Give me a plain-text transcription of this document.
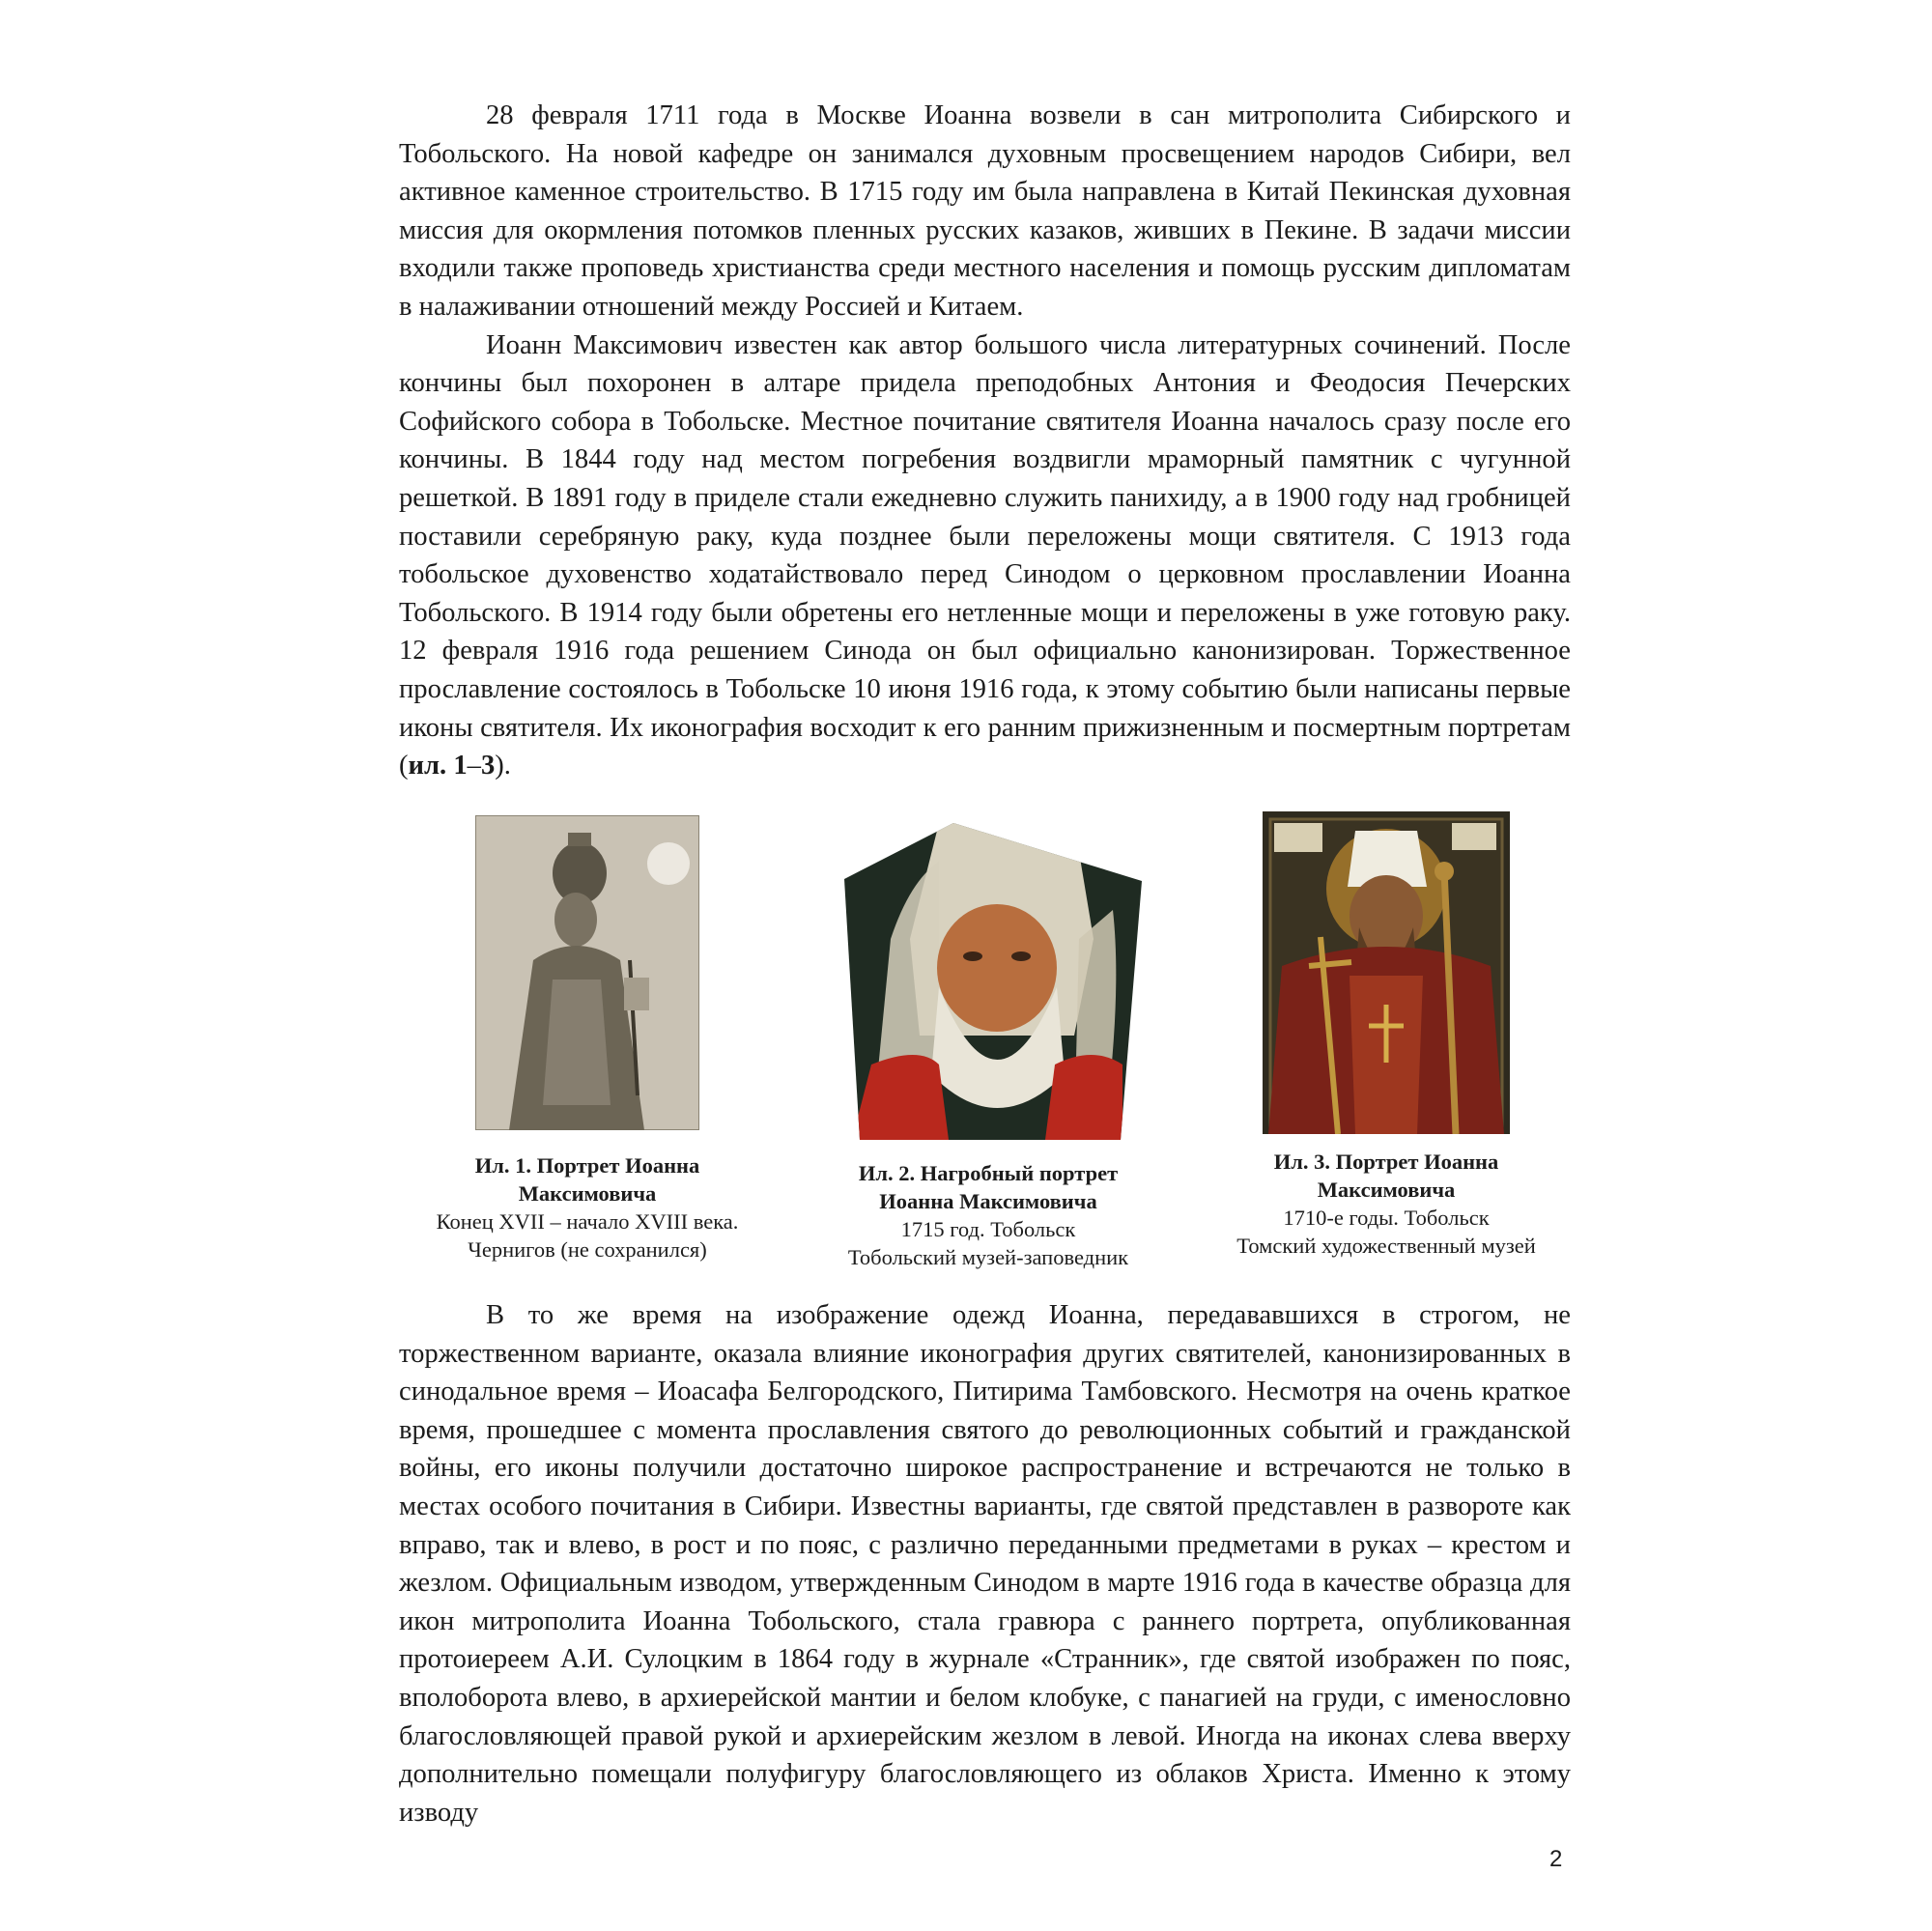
28 февраля 1711 года в Москве Иоанна возвели в сан митрополита Сибирского и Тобольского. На новой кафедре он занимался духовным просвещением народов Сибири, вел активное каменное строительство. В 1715 году им была направлена в Китай Пекинская духовная миссия для окормления потомков пленных русских казаков, живших в Пекине. В задачи миссии входили также проповедь христианства среди местного населения и помощь русским дипломатам в налаживании отношений между Россией и Китаем.

Иоанн Максимович известен как автор большого числа литературных сочинений. После кончины был похоронен в алтаре придела преподобных Антония и Феодосия Печерских Софийского собора в Тобольске. Местное почитание святителя Иоанна началось сразу после его кончины. В 1844 году над местом погребения воздвигли мраморный памятник с чугунной решеткой. В 1891 году в приделе стали ежедневно служить панихиду, а в 1900 году над гробницей поставили серебряную раку, куда позднее были переложены мощи святителя. С 1913 года тобольское духовенство ходатайствовало перед Синодом о церковном прославлении Иоанна Тобольского. В 1914 году были обретены его нетленные мощи и переложены в уже готовую раку. 12 февраля 1916 года решением Синода он был официально канонизирован. Торжественное прославление состоялось в Тобольске 10 июня 1916 года, к этому событию были написаны первые иконы святителя. Их иконография восходит к его ранним прижизненным и посмертным портретам (ил. 1–3).

Ил. 1. Портрет Иоанна
Максимовича
Конец XVII – начало XVIII века.
Чернигов (не сохранился)
Ил. 2. Нагробный портрет
Иоанна Максимовича
1715 год. Тобольск
Тобольский музей-заповедник
Ил. 3. Портрет Иоанна
Максимовича
1710-е годы. Тобольск
Томский художественный музей

В то же время на изображение одежд Иоанна, передававшихся в строгом, не торжественном варианте, оказала влияние иконография других святителей, канонизированных в синодальное время – Иоасафа Белгородского, Питирима Тамбовского. Несмотря на очень краткое время, прошедшее с момента прославления святого до революционных событий и гражданской войны, его иконы получили достаточно широкое распространение и встречаются не только в местах особого почитания в Сибири. Известны варианты, где святой представлен в развороте как вправо, так и влево, в рост и по пояс, с различно переданными предметами в руках – крестом и жезлом. Официальным изводом, утвержденным Синодом в марте 1916 года в качестве образца для икон митрополита Иоанна Тобольского, стала гравюра с раннего портрета, опубликованная протоиереем А.И. Сулоцким в 1864 году в журнале «Странник», где святой изображен по пояс, вполоборота влево, в архиерейской мантии и белом клобуке, с панагией на груди, с именословно благословляющей правой рукой и архиерейским жезлом в левой. Иногда на иконах слева вверху дополнительно помещали полуфигуру благословляющего из облаков Христа. Именно к этому изводу

2
